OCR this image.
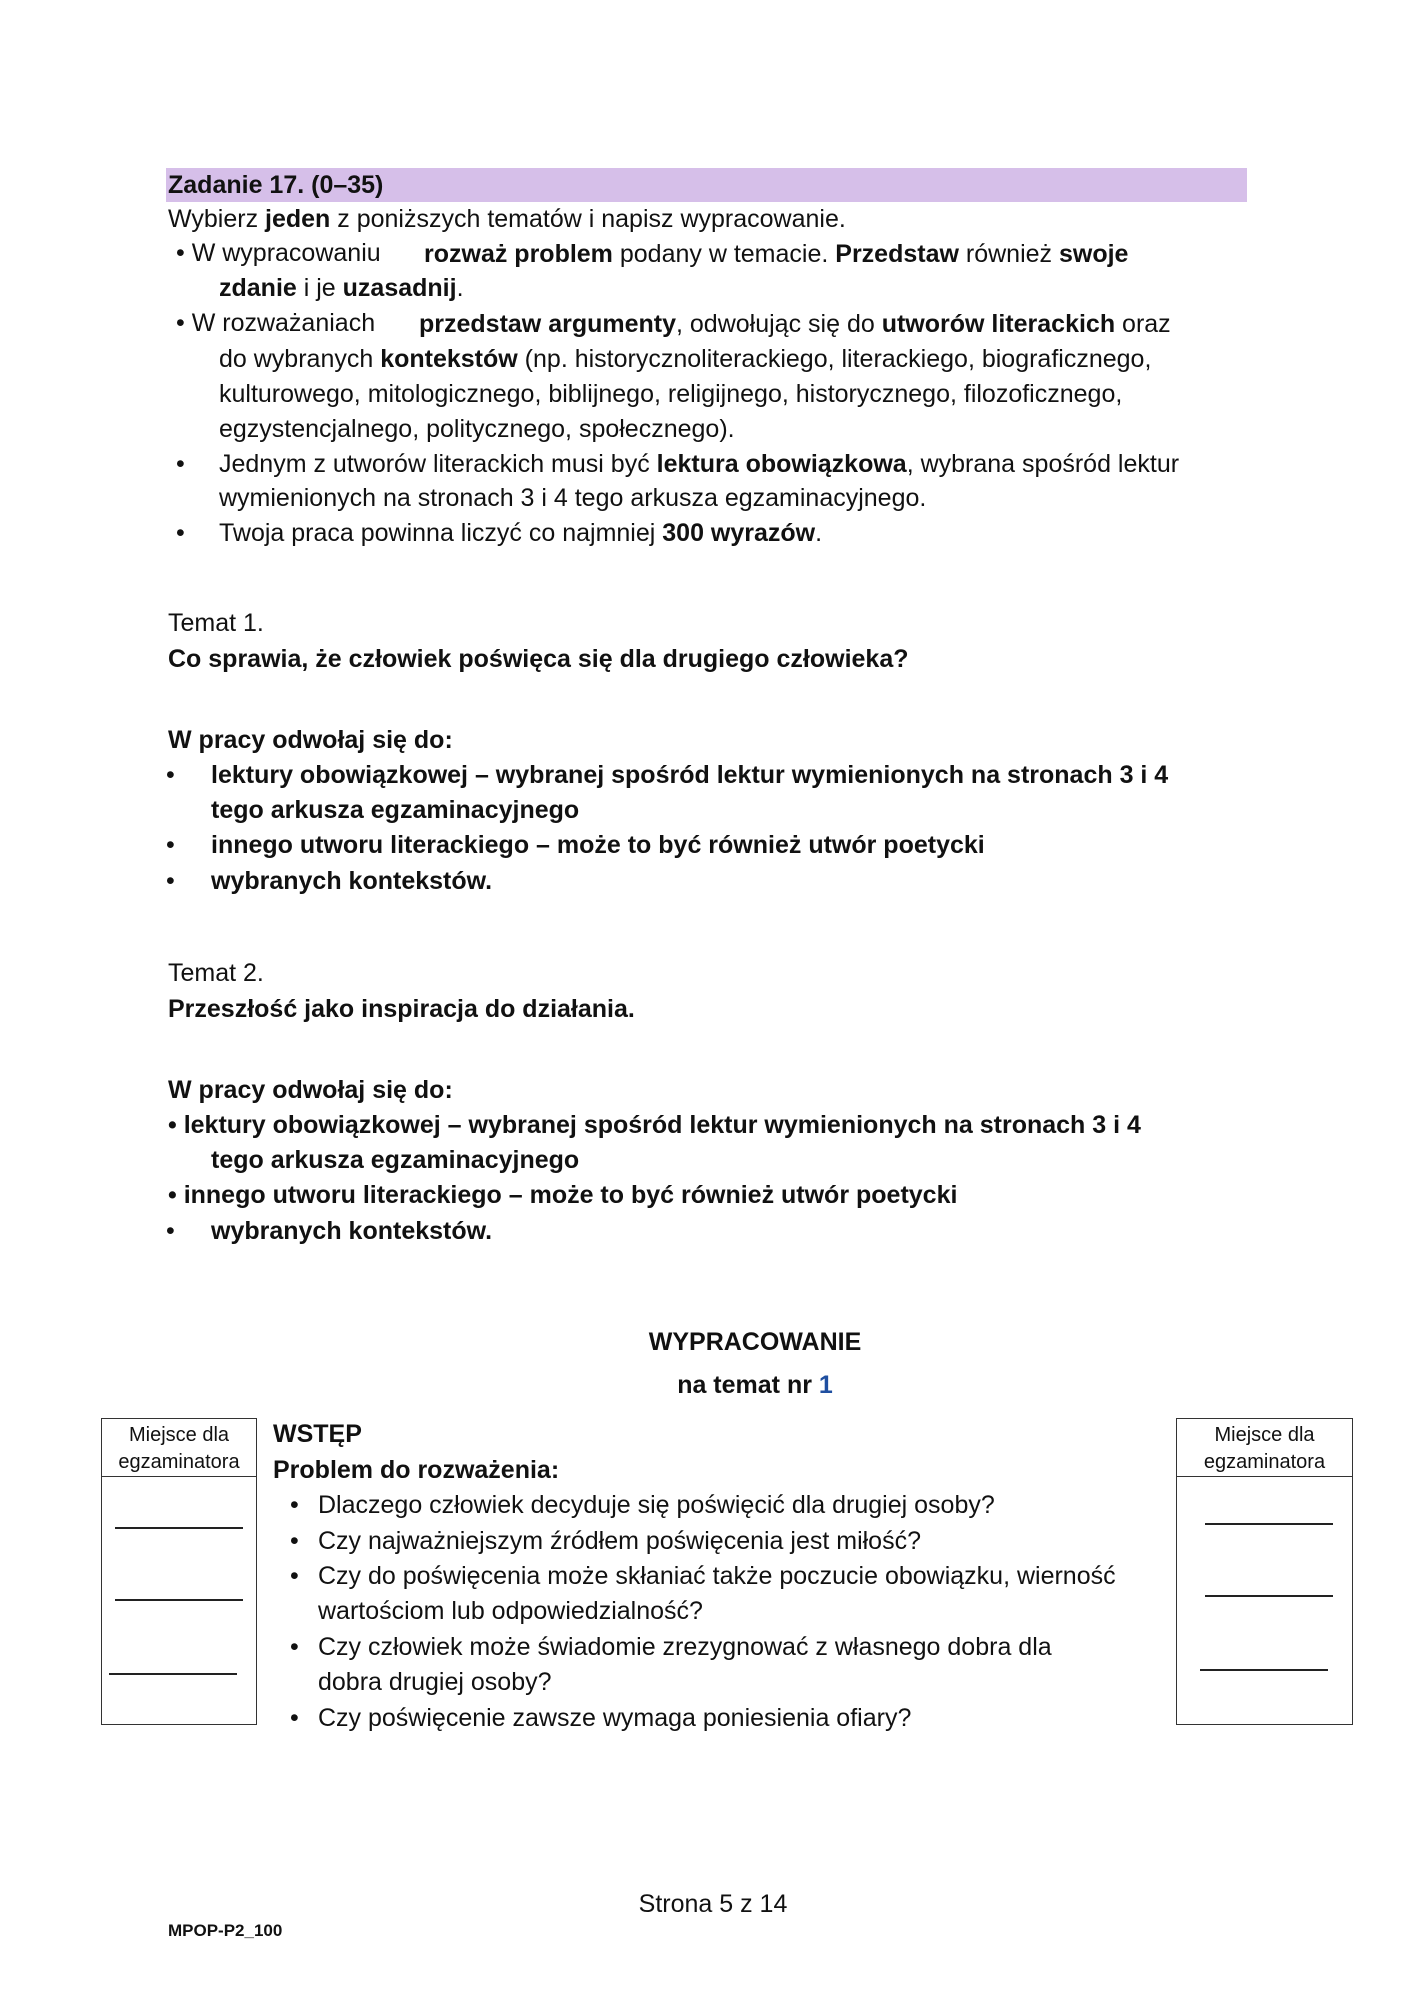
Zadanie 17. (0–35)
Wybierz jeden z poniższych tematów i napisz wypracowanie.
• W wypracowaniu rozważ problem podany w temacie. Przedstaw również swoje
zdanie i je uzasadnij.
• W rozważaniach przedstaw argumenty, odwołując się do utworów literackich oraz
do wybranych kontekstów (np. historycznoliterackiego, literackiego, biograficznego,
kulturowego, mitologicznego, biblijnego, religijnego, historycznego, filozoficznego,
egzystencjalnego, politycznego, społecznego).
• Jednym z utworów literackich musi być lektura obowiązkowa, wybrana spośród lektur
wymienionych na stronach 3 i 4 tego arkusza egzaminacyjnego.
• Twoja praca powinna liczyć co najmniej 300 wyrazów.
Temat 1.
Co sprawia, że człowiek poświęca się dla drugiego człowieka?
W pracy odwołaj się do:
• lektury obowiązkowej – wybranej spośród lektur wymienionych na stronach 3 i 4
tego arkusza egzaminacyjnego
• innego utworu literackiego – może to być również utwór poetycki
• wybranych kontekstów.
Temat 2.
Przeszłość jako inspiracja do działania.
W pracy odwołaj się do:
• lektury obowiązkowej – wybranej spośród lektur wymienionych na stronach 3 i 4
tego arkusza egzaminacyjnego
• innego utworu literackiego – może to być również utwór poetycki
• wybranych kontekstów.
WYPRACOWANIE
na temat nr 1
Miejsce dla
egzaminatora
Miejsce dla
egzaminatora
WSTĘP
Problem do rozważenia:
• Dlaczego człowiek decyduje się poświęcić dla drugiej osoby?
• Czy najważniejszym źródłem poświęcenia jest miłość?
• Czy do poświęcenia może skłaniać także poczucie obowiązku, wierność
wartościom lub odpowiedzialność?
• Czy człowiek może świadomie zrezygnować z własnego dobra dla
dobra drugiej osoby?
• Czy poświęcenie zawsze wymaga poniesienia ofiary?
Strona 5 z 14
MPOP-P2_100
